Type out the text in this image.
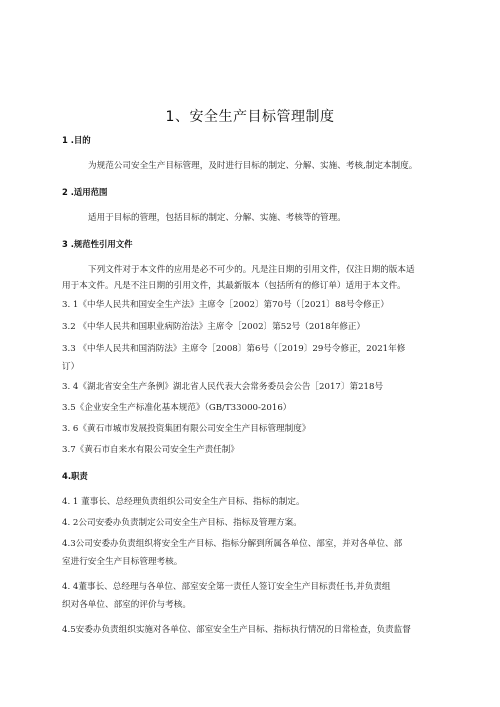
1、安全生产目标管理制度
1 .目的
为规范公司安全生产目标管理，及时进行目标的制定、分解、实施、考核,制定本制度。
2 .适用范围
适用于目标的管理，包括目标的制定、分解、实施、考核等的管理。
3 .规范性引用文件
下列文件对于本文件的应用是必不可少的。凡是注日期的引用文件，仅注日期的版本适
用于本文件。凡是不注日期的引用文件，其最新版本（包括所有的修订单）适用于本文件。
3. 1《中华人民共和国安全生产法》主席令［2002〕第70号（［2021〕88号令修正）
3.2 《中华人民共和国职业病防治法》主席令［2002〕第52号（2018年修正）
3.3 《中华人民共和国消防法》主席令［2008〕第6号（［2019〕29号令修正，2021年修
订）
3. 4《湖北省安全生产条例》湖北省人民代表大会常务委员会公告［2017〕第218号
3.5《企业安全生产标准化基本规范》（GB/T33000-2016）
3. 6《黄石市城市发展投资集团有限公司安全生产目标管理制度》
3.7《黄石市自来水有限公司安全生产责任制》
4.职责
4. 1 董事长、总经理负责组织公司安全生产目标、指标的制定。
4. 2公司安委办负责制定公司安全生产目标、指标及管理方案。
4.3公司安委办负责组织将安全生产目标、指标分解到所属各单位、部室，并对各单位、部
室进行安全生产目标管理考核。
4. 4董事长、总经理与各单位、部室安全第一责任人签订安全生产目标责任书,并负责组
织对各单位、部室的评价与考核。
4.5安委办负责组织实施对各单位、部室安全生产目标、指标执行情况的日常检查，负责监督
